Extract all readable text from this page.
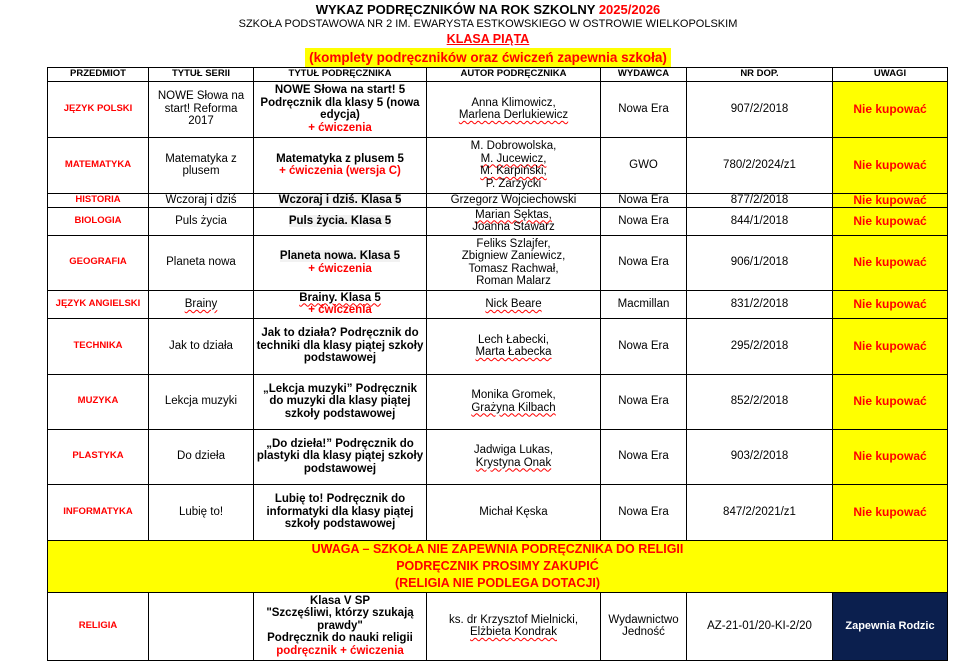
WYKAZ PODRĘCZNIKÓW NA ROK SZKOLNY 2025/2026
SZKOŁA PODSTAWOWA NR 2 IM. EWARYSTA ESTKOWSKIEGO W OSTROWIE WIELKOPOLSKIM
KLASA PIĄTA
(komplety podręczników oraz ćwiczeń zapewnia szkoła)
PRZEDMIOT	TYTUŁ SERII	TYTUŁ PODRĘCZNIKA	AUTOR PODRĘCZNIKA	WYDAWCA	NR DOP.	UWAGI
JĘZYK POLSKI	NOWE Słowa na start! Reforma 2017	NOWE Słowa na start! 5 Podręcznik dla klasy 5 (nowa edycja)
+ ćwiczenia	Anna Klimowicz,
Marlena Derlukiewicz	Nowa Era	907/2/2018	Nie kupować
MATEMATYKA	Matematyka z plusem	Matematyka z plusem 5
+ ćwiczenia (wersja C)	M. Dobrowolska,
M. Jucewicz,
M. Karpiński,
P. Zarzycki	GWO	780/2/2024/z1	Nie kupować
HISTORIA	Wczoraj i dziś	Wczoraj i dziś. Klasa 5	Grzegorz Wojciechowski	Nowa Era	877/2/2018	Nie kupować
BIOLOGIA	Puls życia	Puls życia. Klasa 5	Marian Sęktas,
Joanna Stawarz	Nowa Era	844/1/2018	Nie kupować
GEOGRAFIA	Planeta nowa	Planeta nowa. Klasa 5
+ ćwiczenia	Feliks Szlajfer,
Zbigniew Zaniewicz,
Tomasz Rachwał,
Roman Malarz	Nowa Era	906/1/2018	Nie kupować
JĘZYK ANGIELSKI	Brainy	Brainy. Klasa 5
+ ćwiczenia	Nick Beare	Macmillan	831/2/2018	Nie kupować
TECHNIKA	Jak to działa	Jak to działa? Podręcznik do techniki dla klasy piątej szkoły podstawowej	Lech Łabecki,
Marta Łabecka	Nowa Era	295/2/2018	Nie kupować
MUZYKA	Lekcja muzyki	„Lekcja muzyki” Podręcznik do muzyki dla klasy piątej szkoły podstawowej	Monika Gromek,
Grażyna Kilbach	Nowa Era	852/2/2018	Nie kupować
PLASTYKA	Do dzieła	„Do dzieła!” Podręcznik do plastyki dla klasy piątej szkoły podstawowej	Jadwiga Lukas,
Krystyna Onak	Nowa Era	903/2/2018	Nie kupować
INFORMATYKA	Lubię to!	Lubię to! Podręcznik do informatyki dla klasy piątej szkoły podstawowej	Michał Kęska	Nowa Era	847/2/2021/z1	Nie kupować
UWAGA – SZKOŁA NIE ZAPEWNIA PODRĘCZNIKA DO RELIGII
PODRĘCZNIK PROSIMY ZAKUPIĆ
(RELIGIA NIE PODLEGA DOTACJI)						
RELIGIA		Klasa V SP
"Szczęśliwi, którzy szukają prawdy"
Podręcznik do nauki religii
podręcznik + ćwiczenia	ks. dr Krzysztof Mielnicki,
Elżbieta Kondrak	Wydawnictwo Jedność	AZ-21-01/20-KI-2/20	Zapewnia Rodzic
